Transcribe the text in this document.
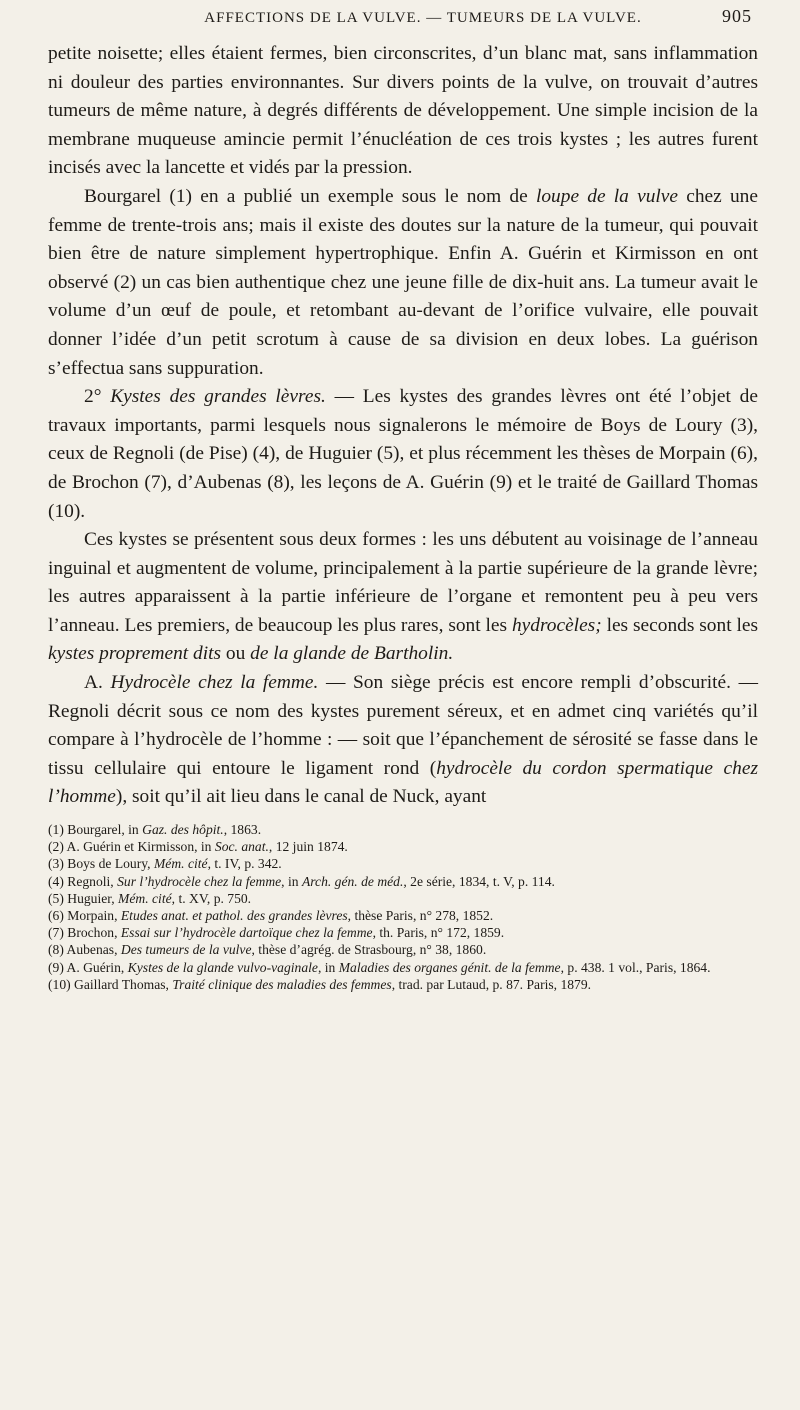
AFFECTIONS DE LA VULVE. — TUMEURS DE LA VULVE.	905

petite noisette; elles étaient fermes, bien circonscrites, d’un blanc mat, sans inflammation ni douleur des parties environnantes. Sur divers points de la vulve, on trouvait d’autres tumeurs de même nature, à degrés différents de développement. Une simple incision de la membrane muqueuse amincie permit l’énucléation de ces trois kystes ; les autres furent incisés avec la lancette et vidés par la pression.

Bourgarel (1) en a publié un exemple sous le nom de loupe de la vulve chez une femme de trente-trois ans; mais il existe des doutes sur la nature de la tumeur, qui pouvait bien être de nature simplement hypertrophique. Enfin A. Guérin et Kirmisson en ont observé (2) un cas bien authentique chez une jeune fille de dix-huit ans. La tumeur avait le volume d’un œuf de poule, et retombant au-devant de l’orifice vulvaire, elle pouvait donner l’idée d’un petit scrotum à cause de sa division en deux lobes. La guérison s’effectua sans suppuration.

2° Kystes des grandes lèvres. — Les kystes des grandes lèvres ont été l’objet de travaux importants, parmi lesquels nous signalerons le mémoire de Boys de Loury (3), ceux de Regnoli (de Pise) (4), de Huguier (5), et plus récemment les thèses de Morpain (6), de Brochon (7), d’Aubenas (8), les leçons de A. Guérin (9) et le traité de Gaillard Thomas (10).

Ces kystes se présentent sous deux formes : les uns débutent au voisinage de l’anneau inguinal et augmentent de volume, principalement à la partie supérieure de la grande lèvre; les autres apparaissent à la partie inférieure de l’organe et remontent peu à peu vers l’anneau. Les premiers, de beaucoup les plus rares, sont les hydrocèles; les seconds sont les kystes proprement dits ou de la glande de Bartholin.

A. Hydrocèle chez la femme. — Son siège précis est encore rempli d’obscurité. — Regnoli décrit sous ce nom des kystes purement séreux, et en admet cinq variétés qu’il compare à l’hydrocèle de l’homme : — soit que l’épanchement de sérosité se fasse dans le tissu cellulaire qui entoure le ligament rond (hydrocèle du cordon spermatique chez l’homme), soit qu’il ait lieu dans le canal de Nuck, ayant

(1) Bourgarel, in Gaz. des hôpit., 1863.

(2) A. Guérin et Kirmisson, in Soc. anat., 12 juin 1874.

(3) Boys de Loury, Mém. cité, t. IV, p. 342.

(4) Regnoli, Sur l’hydrocèle chez la femme, in Arch. gén. de méd., 2e série, 1834, t. V, p. 114.

(5) Huguier, Mém. cité, t. XV, p. 750.

(6) Morpain, Etudes anat. et pathol. des grandes lèvres, thèse Paris, n° 278, 1852.

(7) Brochon, Essai sur l’hydrocèle dartoïque chez la femme, th. Paris, n° 172, 1859.

(8) Aubenas, Des tumeurs de la vulve, thèse d’agrég. de Strasbourg, n° 38, 1860.

(9) A. Guérin, Kystes de la glande vulvo-vaginale, in Maladies des organes génit. de la femme, p. 438. 1 vol., Paris, 1864.

(10) Gaillard Thomas, Traité clinique des maladies des femmes, trad. par Lutaud, p. 87. Paris, 1879.
